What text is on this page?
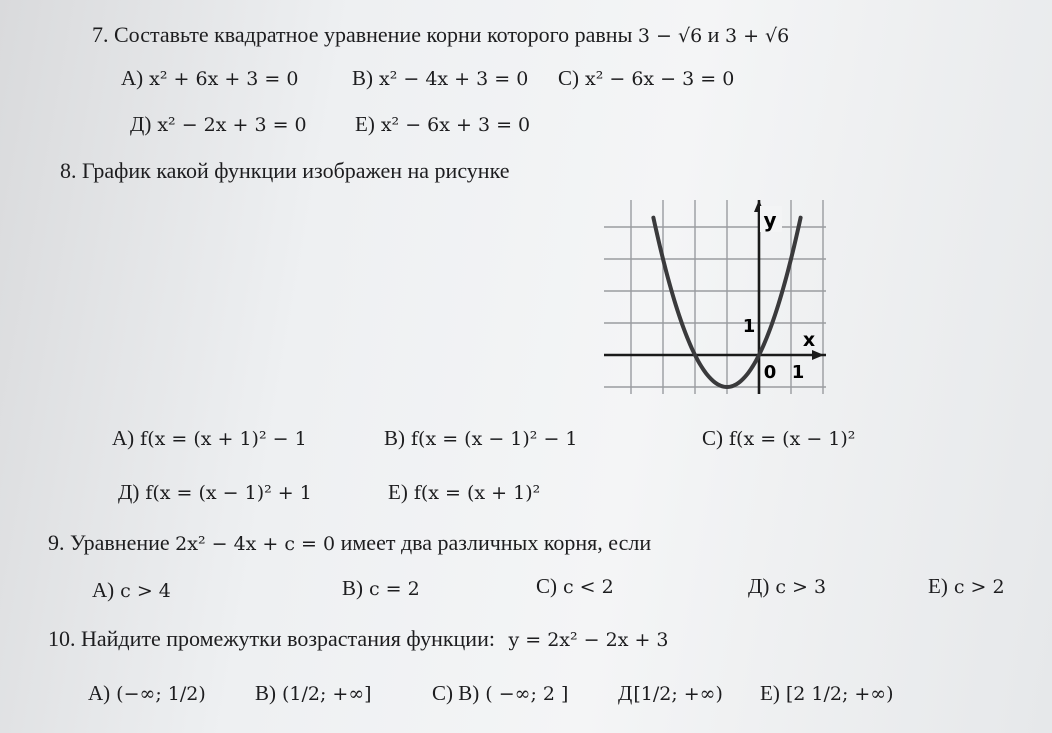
7. Составьте квадратное уравнение корни которого равны 3 − √6 и 3 + √6
А) x² + 6x + 3 = 0	В) x² − 4x + 3 = 0 С) x² − 6x − 3 = 0
Д) x² − 2x + 3 = 0 Е) x² − 6x + 3 = 0
8. График какой функции изображен на рисунке
y
1
x
0 1
А) f(x = (x + 1)² − 1	В) f(x = (x − 1)² − 1	С) f(x = (x − 1)²
Д) f(x = (x − 1)² + 1	Е) f(x = (x + 1)²
9. Уравнение 2x² − 4x + c = 0 имеет два различных корня, если
А) c > 4	В) c = 2	С) c < 2	Д) c > 3	Е) c > 2
10. Найдите промежутки возрастания функции: y = 2x² − 2x + 3
А) (−∞; 1/2) В) (1/2; +∞]	С) В) ( −∞; 2 ] Д[1/2; +∞) Е) [2 1/2; +∞)
